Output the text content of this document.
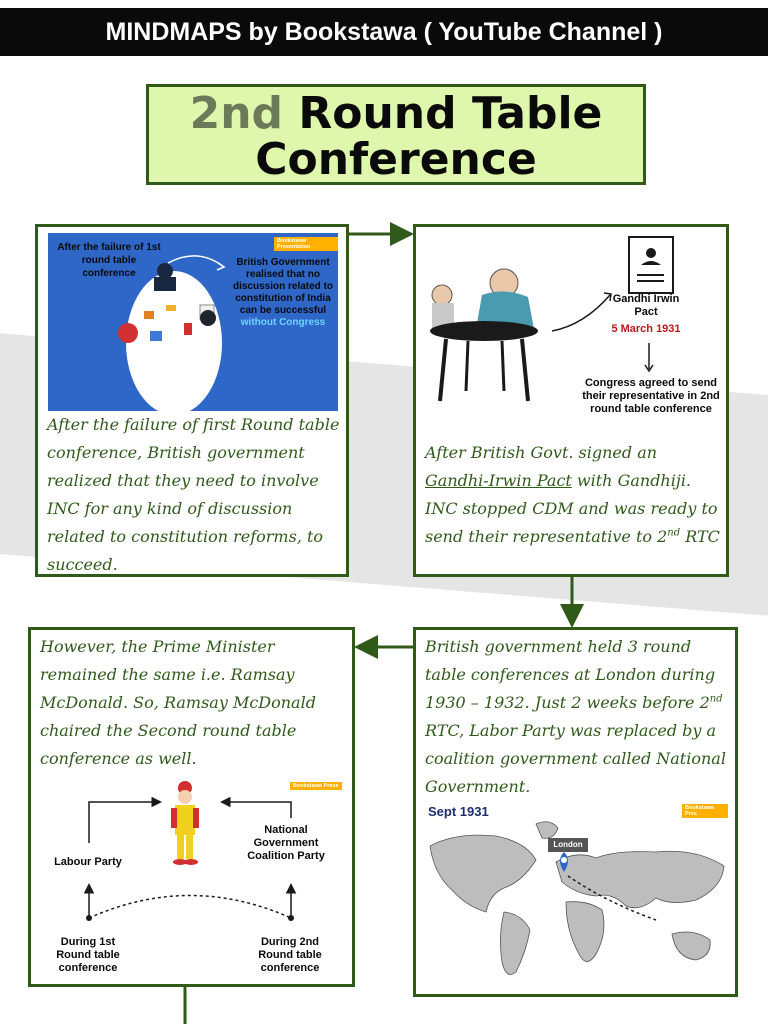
MINDMAPS by Bookstawa ( YouTube Channel )
2nd Round Table
Conference
After the failure of 1st round table conference
British Government realised that no discussion related to constitution of India can be successful without Congress
Bookstawa Presentation
After the failure of first Round table conference, British government realized that they need to involve INC for any kind of discussion related to constitution reforms, to succeed.
Gandhi Irwin Pact
5 March 1931
Congress agreed to send their representative in 2nd round table conference
After British Govt. signed an Gandhi-Irwin Pact with Gandhiji. INC stopped CDM and was ready to send their representative to 2nd RTC
However, the Prime Minister remained the same i.e. Ramsay McDonald. So, Ramsay McDonald chaired the Second round table conference as well.
Bookstawa Prese
Labour Party
National Government Coalition Party
During 1st Round table conference
During 2nd Round table conference
British government held 3 round table conferences at London during 1930 – 1932. Just 2 weeks before 2nd RTC, Labor Party was replaced by a coalition government called National Government.
Sept 1931	Bookstawa Pres
London
